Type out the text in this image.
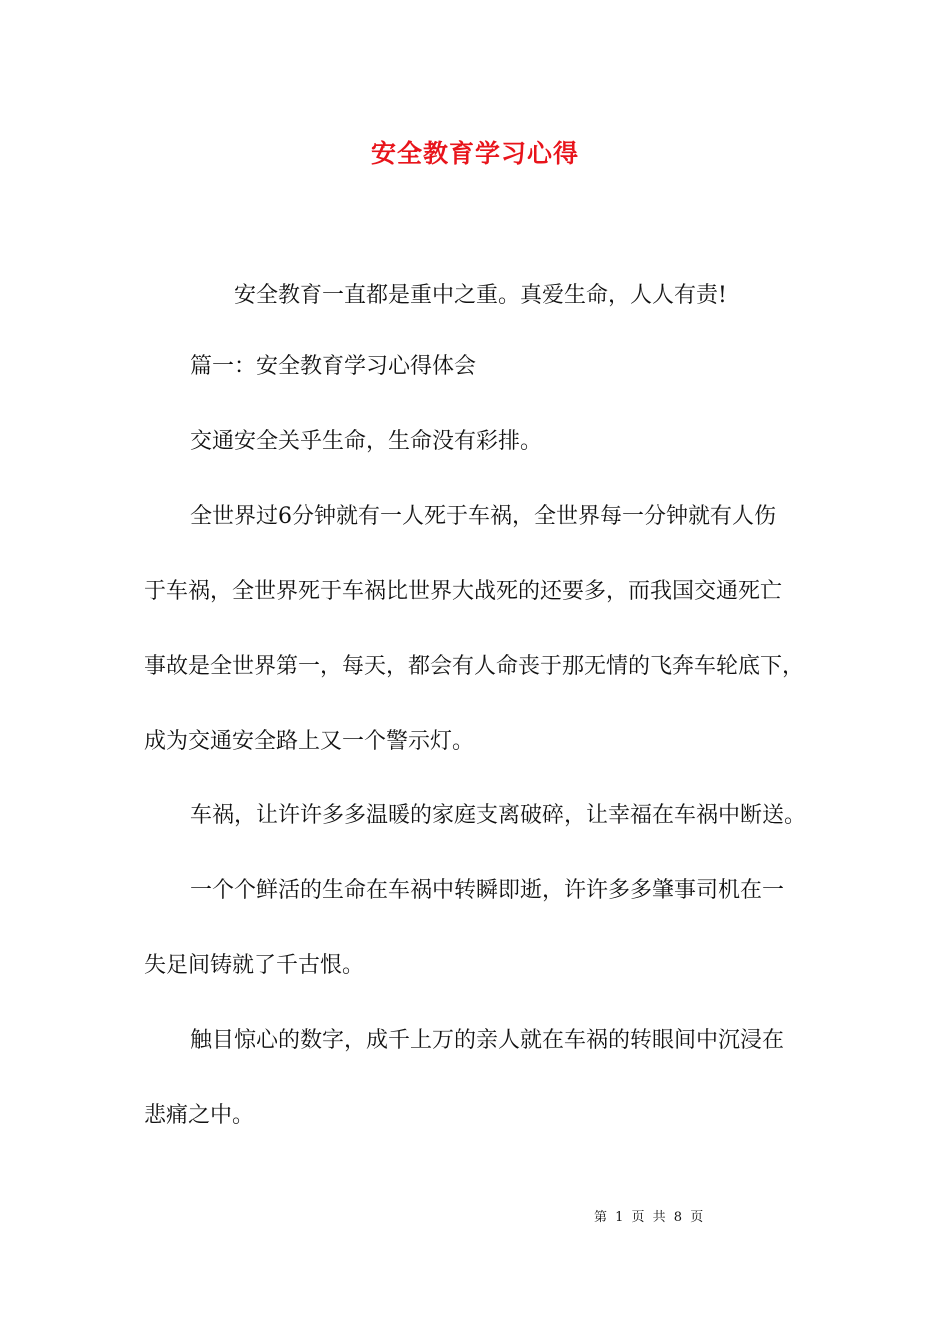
安全教育学习心得
安全教育一直都是重中之重。真爱生命，人人有责!
篇一：安全教育学习心得体会
交通安全关乎生命，生命没有彩排。
全世界过6分钟就有一人死于车祸，全世界每一分钟就有人伤
于车祸，全世界死于车祸比世界大战死的还要多，而我国交通死亡
事故是全世界第一，每天，都会有人命丧于那无情的飞奔车轮底下，
成为交通安全路上又一个警示灯。
车祸，让许许多多温暖的家庭支离破碎，让幸福在车祸中断送。
一个个鲜活的生命在车祸中转瞬即逝，许许多多肇事司机在一
失足间铸就了千古恨。
触目惊心的数字，成千上万的亲人就在车祸的转眼间中沉浸在
悲痛之中。
第 1 页 共 8 页
